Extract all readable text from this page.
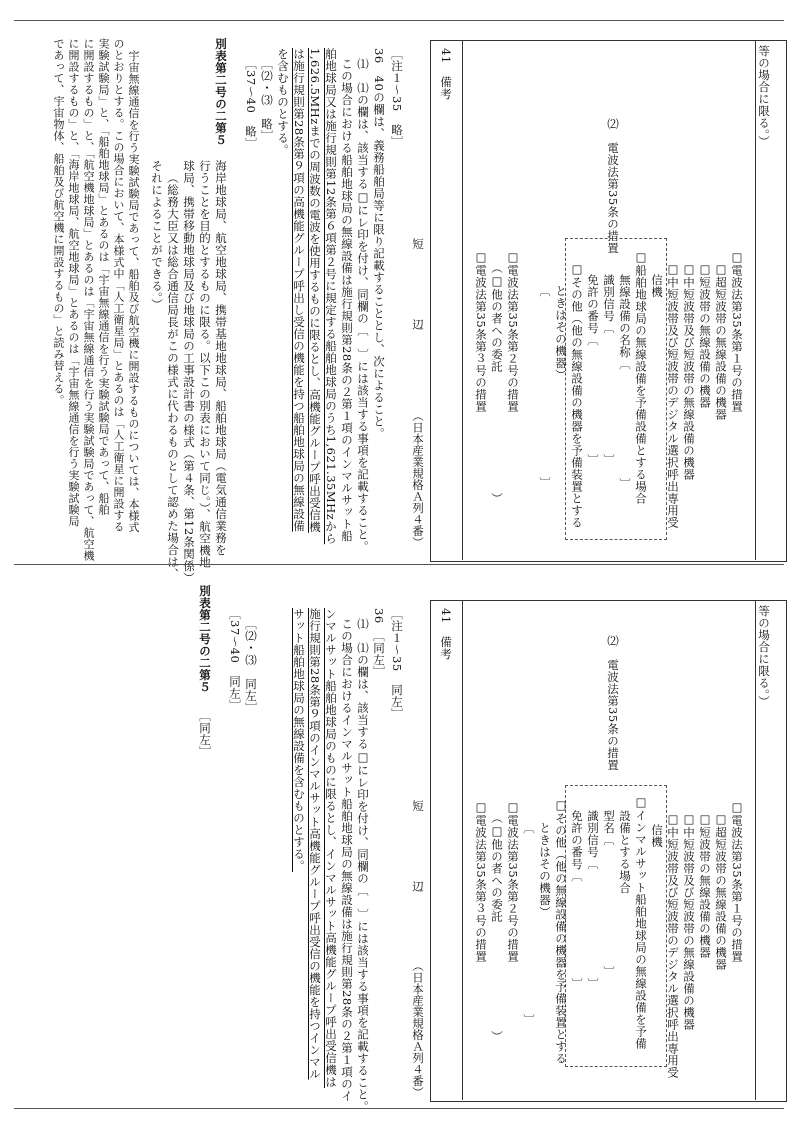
等の場合に限る。）
41　備考
⑵　電波法第35条の措置
□電波法第35条第１号の措置
□超短波帯の無線設備の機器
□短波帯の無線設備の機器
□中短波帯及び短波帯の無線設備の機器
□中短波帯及び短波帯のデジタル選択呼出専用受
信機
□船舶地球局の無線設備を予備設備とする場合
無線設備の名称〔　　　　　　　　　〕
識別信号〔　　　　　　　　　　〕
免許の番号〔　　　　　　　　　〕
□その他（他の無線設備の機器を予備装置とする
ときはその機器）
〔　　　　　　　　　　　　　　　〕
□電波法第35条第２号の措置
（□他の者への委託　　　　　　　　　　）
□電波法第35条第３号の措置
短　　　　　　辺
（日本産業規格Ａ列４番）
［注１～35　略］
36　40の欄は、義務船舶局等に限り記載することとし、次によること。
⑴　⑴の欄は、該当する□にレ印を付け、同欄の〔　〕には該当する事項を記載すること。
この場合における船舶地球局の無線設備は施行規則第28条の２第１項のインマルサット船
舶地球局又は施行規則第12条第６項第２号に規定する船舶地球局のうち1,621.35MHzから
1,626.5MHzまでの周波数の電波を使用するものに限るとし、高機能グループ呼出受信機
は施行規則第28条第９項の高機能グループ呼出し受信の機能を持つ船舶地球局の無線設備
を含むものとする。
［⑵・⑶　略］
［37～40　略］
別表第二号の二第５
海岸地球局、航空地球局、携帯基地地球局、船舶地球局（電気通信業務を
行うことを目的とするものに限る。以下この別表において同じ。）、航空機地
球局、携帯移動地球局及び地球局の工事設計書の様式（第４条、第12条関係）
（総務大臣又は総合通信局長がこの様式に代わるものとして認めた場合は、
それによることができる。）
宇宙無線通信を行う実験試験局であって、船舶及び航空機に開設するものについては、本様式
のとおりとする。この場合において、本様式中「人工衛星局」とあるのは「人工衛星に開設する
実験試験局」と、「船舶地球局」とあるのは「宇宙無線通信を行う実験試験局であって、船舶
に開設するもの」と、「航空機地球局」とあるのは「宇宙無線通信を行う実験試験局であって、航空機
に開設するもの」と、「海岸地球局、航空地球局」とあるのは「宇宙無線通信を行う実験試験局
であって、宇宙物体、船舶及び航空機に開設するもの」と読み替える。
等の場合に限る。）
41　備考
⑵　電波法第35条の措置
□電波法第35条第１号の措置
□超短波帯の無線設備の機器
□短波帯の無線設備の機器
□中短波帯及び短波帯の無線設備の機器
□中短波帯及び短波帯のデジタル選択呼出専用受
信機
□インマルサット船舶地球局の無線設備を予備
設備とする場合
型名〔　　　　　　　　　　〕
識別信号〔　　　　　　　　　〕
免許の番号〔　　　　　　　　〕
□その他（他の無線設備の機器を予備装置とする
ときはその機器）
〔　　　　　　　　　　　　　　　〕
□電波法第35条第２号の措置
（□他の者への委託　　　　　　　　　）
□電波法第35条第３号の措置
短　　　　　　辺
（日本産業規格Ａ列４番）
［注１～35　同左］
36　［同左］
⑴　⑴の欄は、該当する□にレ印を付け、同欄の〔　〕には該当する事項を記載すること。
この場合におけるインマルサット船舶地球局の無線設備は施行規則第28条の２第１項のイ
ンマルサット船舶地球局のものに限るとし、インマルサット高機能グループ呼出受信機は
施行規則第28条第９項のインマルサット高機能グループ呼出受信の機能を持つインマル
サット船舶地球局の無線設備を含むものとする。
［⑵・⑶　同左］
［37～40　同左］
別表第二号の二第５
［同左］
